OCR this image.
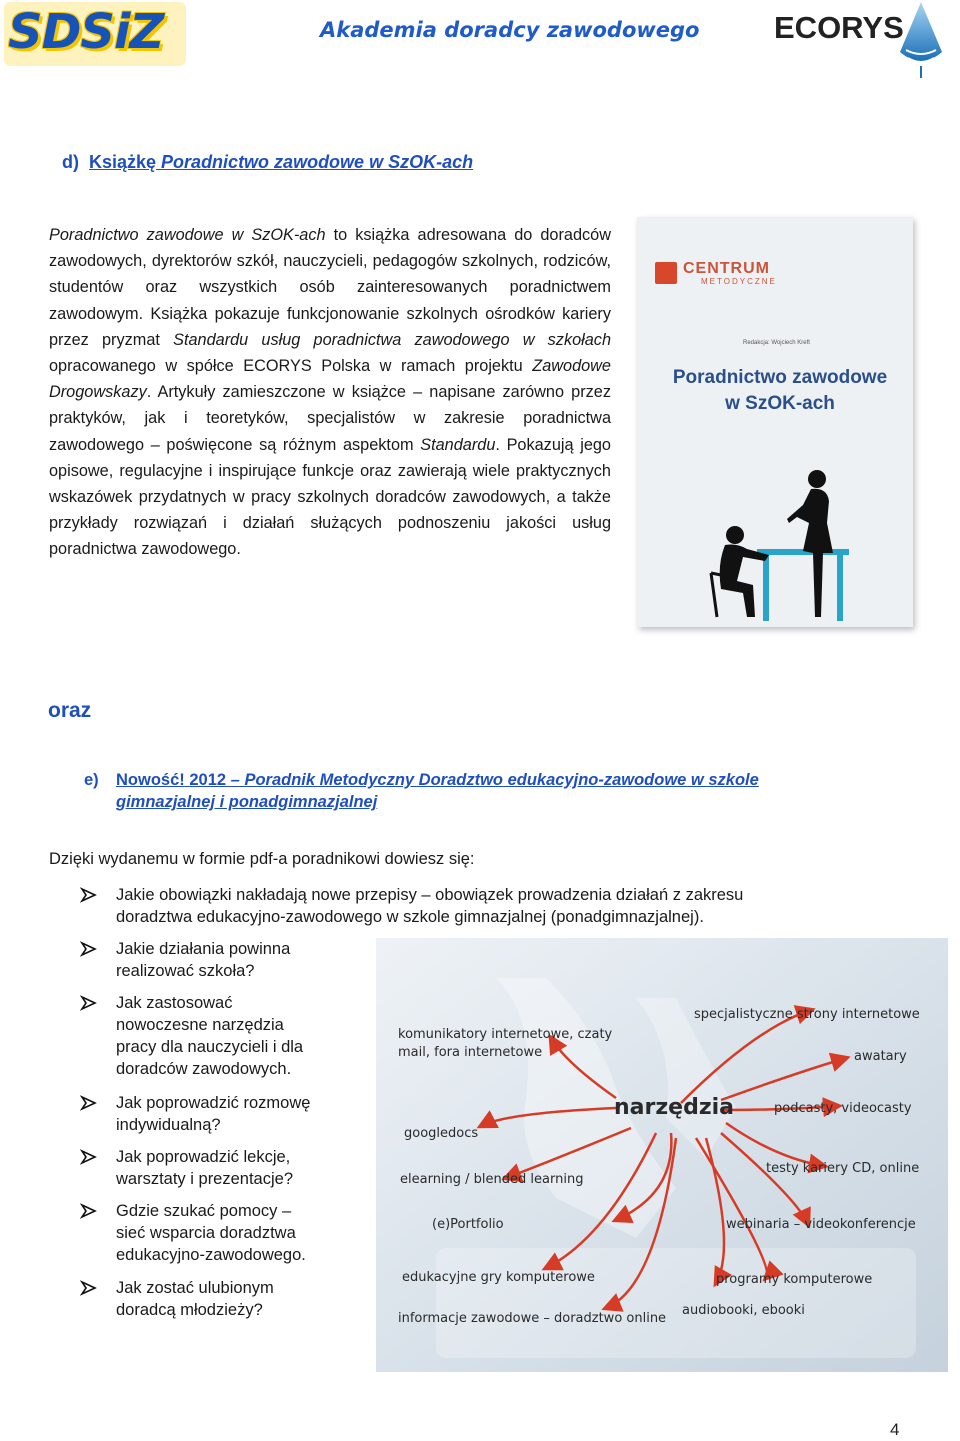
SDSiZ	Akademia doradcy zawodowego ECORYS
d) Książkę Poradnictwo zawodowe w SzOK-ach
Poradnictwo zawodowe w SzOK-ach to książka adresowana do doradców zawodowych, dyrektorów szkół, nauczycieli, pedagogów szkolnych, rodziców, studentów oraz wszystkich osób zainteresowanych poradnictwem zawodowym. Książka pokazuje funkcjonowanie szkolnych ośrodków kariery przez pryzmat Standardu usług poradnictwa zawodowego w szkołach opracowanego w spółce ECORYS Polska w ramach projektu Zawodowe Drogowskazy. Artykuły zamieszczone w książce – napisane zarówno przez praktyków, jak i teoretyków, specjalistów w zakresie poradnictwa zawodowego – poświęcone są różnym aspektom Standardu. Pokazują jego opisowe, regulacyjne i inspirujące funkcje oraz zawierają wiele praktycznych wskazówek przydatnych w pracy szkolnych doradców zawodowych, a także przykłady rozwiązań i działań służących podnoszeniu jakości usług poradnictwa zawodowego.
CENTRUM
METODYCZNE
Redakcja: Wojciech Kreft
Poradnictwo zawodowe
w SzOK-ach
oraz
e) Nowość! 2012 – Poradnik Metodyczny Doradztwo edukacyjno-zawodowe w szkole
gimnazjalnej i ponadgimnazjalnej
Dzięki wydanemu w formie pdf-a poradnikowi dowiesz się:
Jakie obowiązki nakładają nowe przepisy – obowiązek prowadzenia działań z zakresu
doradztwa edukacyjno-zawodowego w szkole gimnazjalnej (ponadgimnazjalnej).
Jakie działania powinna
realizować szkoła?
Jak zastosować
nowoczesne narzędzia
pracy dla nauczycieli i dla
doradców zawodowych.
Jak poprowadzić rozmowę
indywidualną?
Jak poprowadzić lekcje,
warsztaty i prezentacje?
Gdzie szukać pomocy –
sieć wsparcia doradztwa
edukacyjno-zawodowego.
Jak zostać ulubionym
doradcą młodzieży?
specjalistyczne strony internetowe
komunikatory internetowe, czaty
mail, fora internetowe	awatary
podcasty, videocasty
googledocs
testy kariery CD, online
elearning / blended learning
(e)Portfolio	webinaria – videokonferencje
edukacyjne gry komputerowe	programy komputerowe
audiobooki, ebooki
informacje zawodowe – doradztwo online
narzędzia
4
